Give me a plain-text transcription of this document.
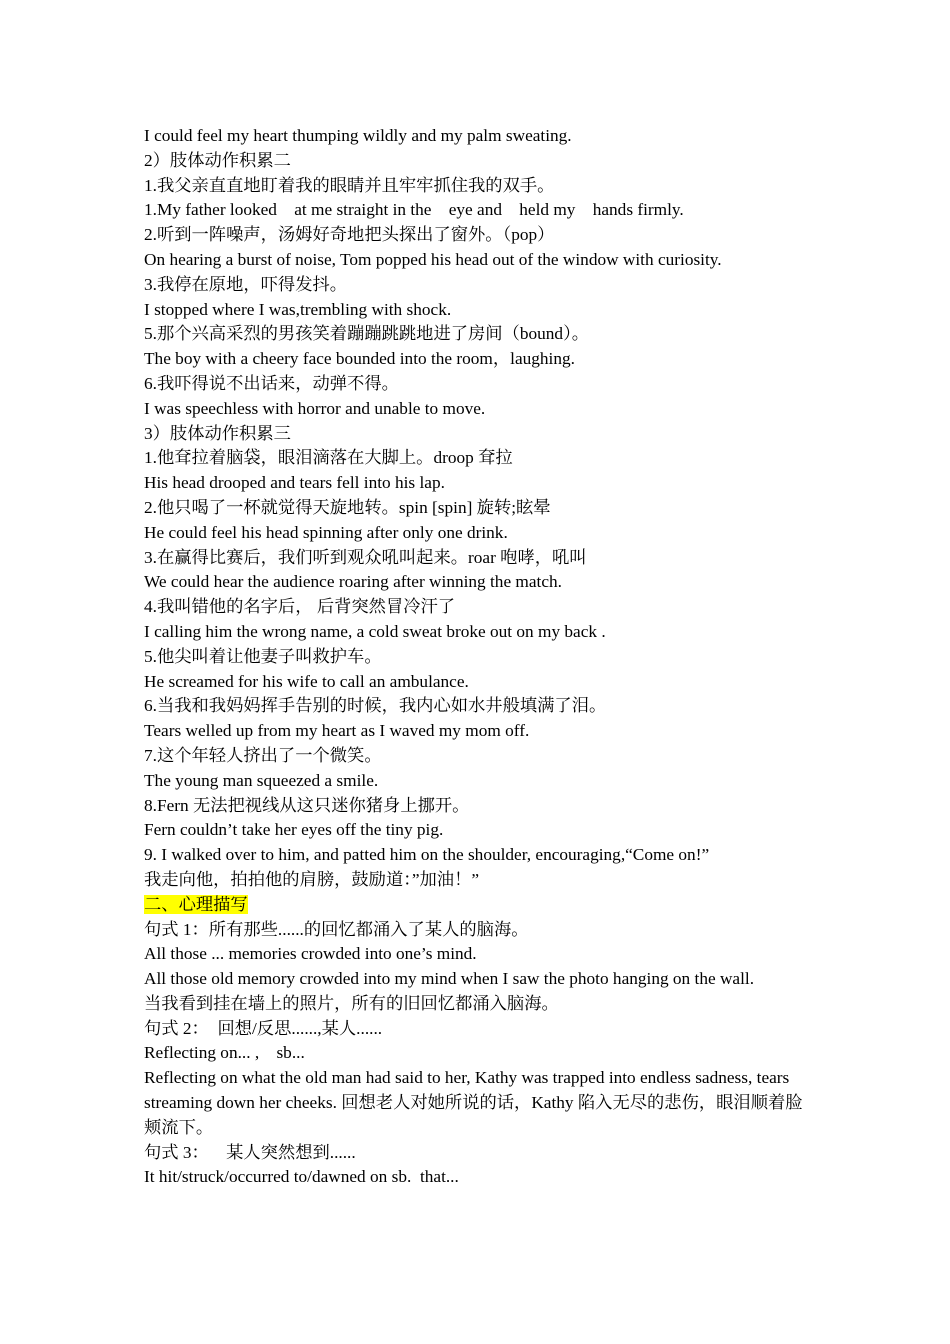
I could feel my heart thumping wildly and my palm sweating.
2）肢体动作积累二
1.我父亲直直地盯着我的眼睛并且牢牢抓住我的双手。
1.My father looked    at me straight in the    eye and    held my    hands firmly.
2.听到一阵噪声，汤姆好奇地把头探出了窗外。（pop）
On hearing a burst of noise, Tom popped his head out of the window with curiosity.
3.我停在原地，吓得发抖。
I stopped where I was,trembling with shock.
5.那个兴高采烈的男孩笑着蹦蹦跳跳地进了房间（bound）。
The boy with a cheery face bounded into the room，laughing.
6.我吓得说不出话来，动弹不得。
I was speechless with horror and unable to move.
3）肢体动作积累三
1.他耷拉着脑袋，眼泪滴落在大脚上。droop 耷拉
His head drooped and tears fell into his lap.
2.他只喝了一杯就觉得天旋地转。spin [spin] 旋转;眩晕
He could feel his head spinning after only one drink.
3.在赢得比赛后，我们听到观众吼叫起来。roar 咆哮，吼叫
We could hear the audience roaring after winning the match.
4.我叫错他的名字后， 后背突然冒冷汗了
I calling him the wrong name, a cold sweat broke out on my back .
5.他尖叫着让他妻子叫救护车。
He screamed for his wife to call an ambulance.
6.当我和我妈妈挥手告别的时候，我内心如水井般填满了泪。
Tears welled up from my heart as I waved my mom off.
7.这个年轻人挤出了一个微笑。
The young man squeezed a smile.
8.Fern 无法把视线从这只迷你猪身上挪开。
Fern couldn’t take her eyes off the tiny pig.
9. I walked over to him, and patted him on the shoulder, encouraging,“Come on!”
我走向他，拍拍他的肩膀，鼓励道：”加油！”
二、心理描写
句式 1：所有那些......的回忆都涌入了某人的脑海。
All those ... memories crowded into one’s mind.
All those old memory crowded into my mind when I saw the photo hanging on the wall.
当我看到挂在墙上的照片，所有的旧回忆都涌入脑海。
句式 2：  回想/反思......,某人......
Reflecting on... ,    sb...
Reflecting on what the old man had said to her, Kathy was trapped into endless sadness, tears streaming down her cheeks. 回想老人对她所说的话，Kathy 陷入无尽的悲伤，眼泪顺着脸颊流下。
句式 3：    某人突然想到......
It hit/struck/occurred to/dawned on sb.  that...
